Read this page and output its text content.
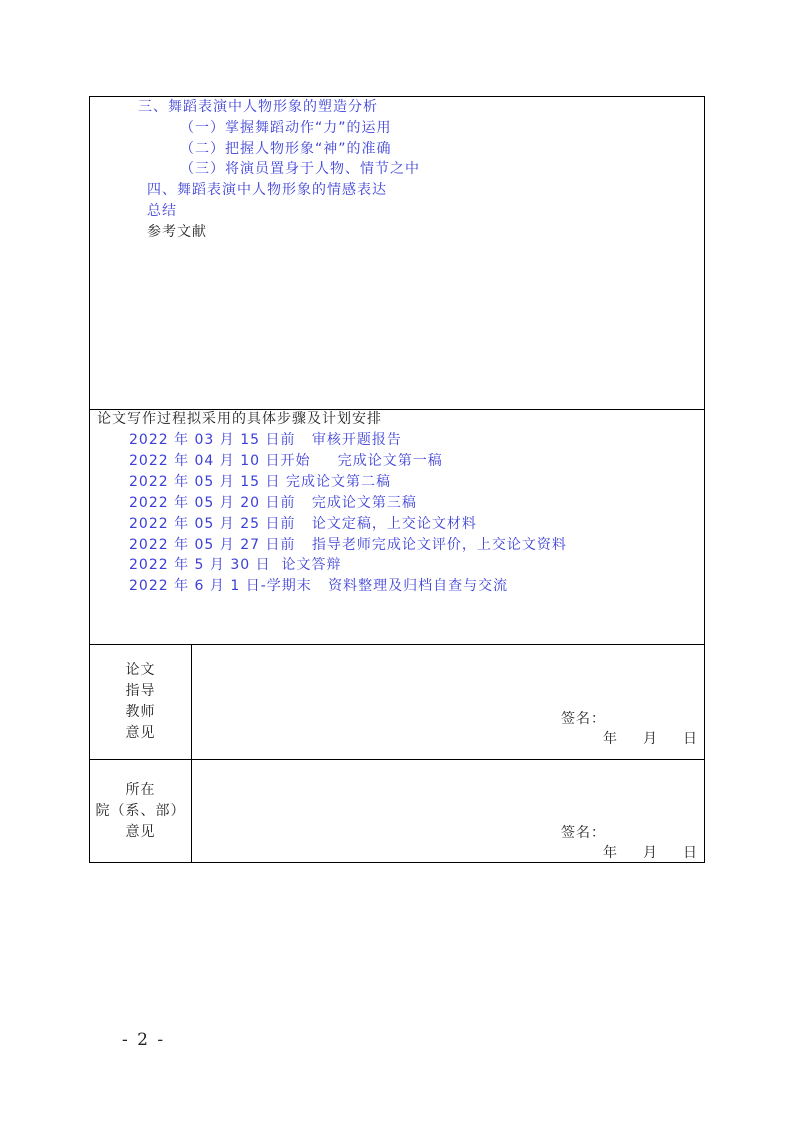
三、舞蹈表演中人物形象的塑造分析
（一）掌握舞蹈动作“力”的运用
（二）把握人物形象“神”的准确
（三）将演员置身于人物、情节之中
四、舞蹈表演中人物形象的情感表达
总结
参考文献
论文写作过程拟采用的具体步骤及计划安排
2022 年 03 月 15 日前   审核开题报告
2022 年 04 月 10 日开始     完成论文第一稿
2022 年 05 月 15 日 完成论文第二稿
2022 年 05 月 20 日前   完成论文第三稿
2022 年 05 月 25 日前   论文定稿，上交论文材料
2022 年 05 月 27 日前   指导老师完成论文评价，上交论文资料
2022 年 5 月 30 日  论文答辩
2022 年 6 月 1 日-学期末   资料整理及归档自查与交流
论文
指导
教师
意见
签名：
年 月 日
所在
院（系、部）
意见	签名：
年 月 日
- 2 -
